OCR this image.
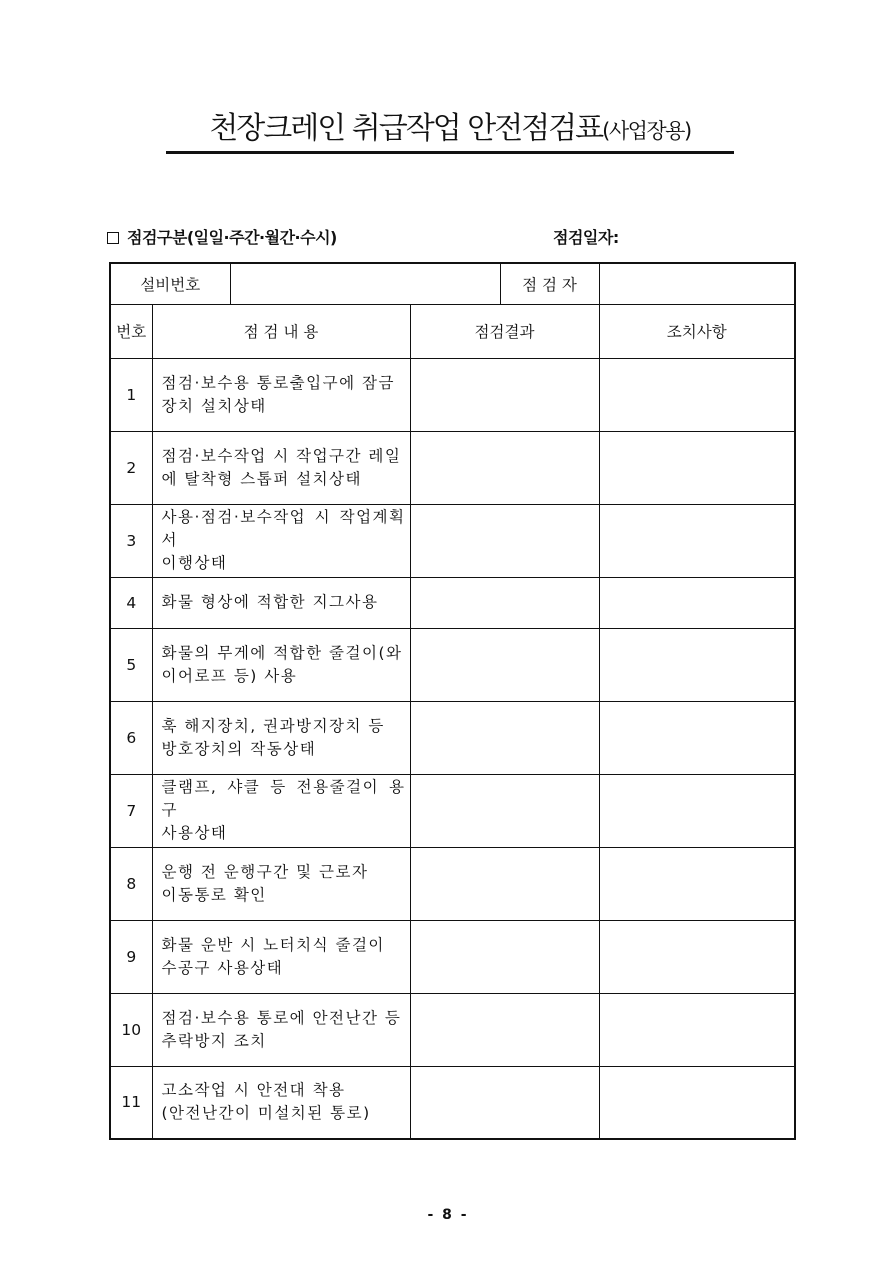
천장크레인 취급작업 안전점검표(사업장용)
점검구분(일일·주간·월간·수시)	점검일자:
설비번호				점 검 자	
번호	점 검 내 용		점검결과		조치사항
1	점검·보수용 통로출입구에 잠금
장치 설치상태				

2	점검·보수작업 시 작업구간 레일
에 탈착형 스톱퍼 설치상태				

3	사용·점검·보수작업 시 작업계획서
이행상태				

4	화물 형상에 적합한 지그사용				

5	화물의 무게에 적합한 줄걸이(와
이어로프 등) 사용				

6	훅 해지장치, 권과방지장치 등
방호장치의 작동상태				

7	클램프, 샤클 등 전용줄걸이 용구
사용상태				

8	운행 전 운행구간 및 근로자
이동통로 확인				

9	화물 운반 시 노터치식 줄걸이
수공구 사용상태				

10	점검·보수용 통로에 안전난간 등
추락방지 조치				

11	고소작업 시 안전대 착용
(안전난간이 미설치된 통로)				

- 8 -
